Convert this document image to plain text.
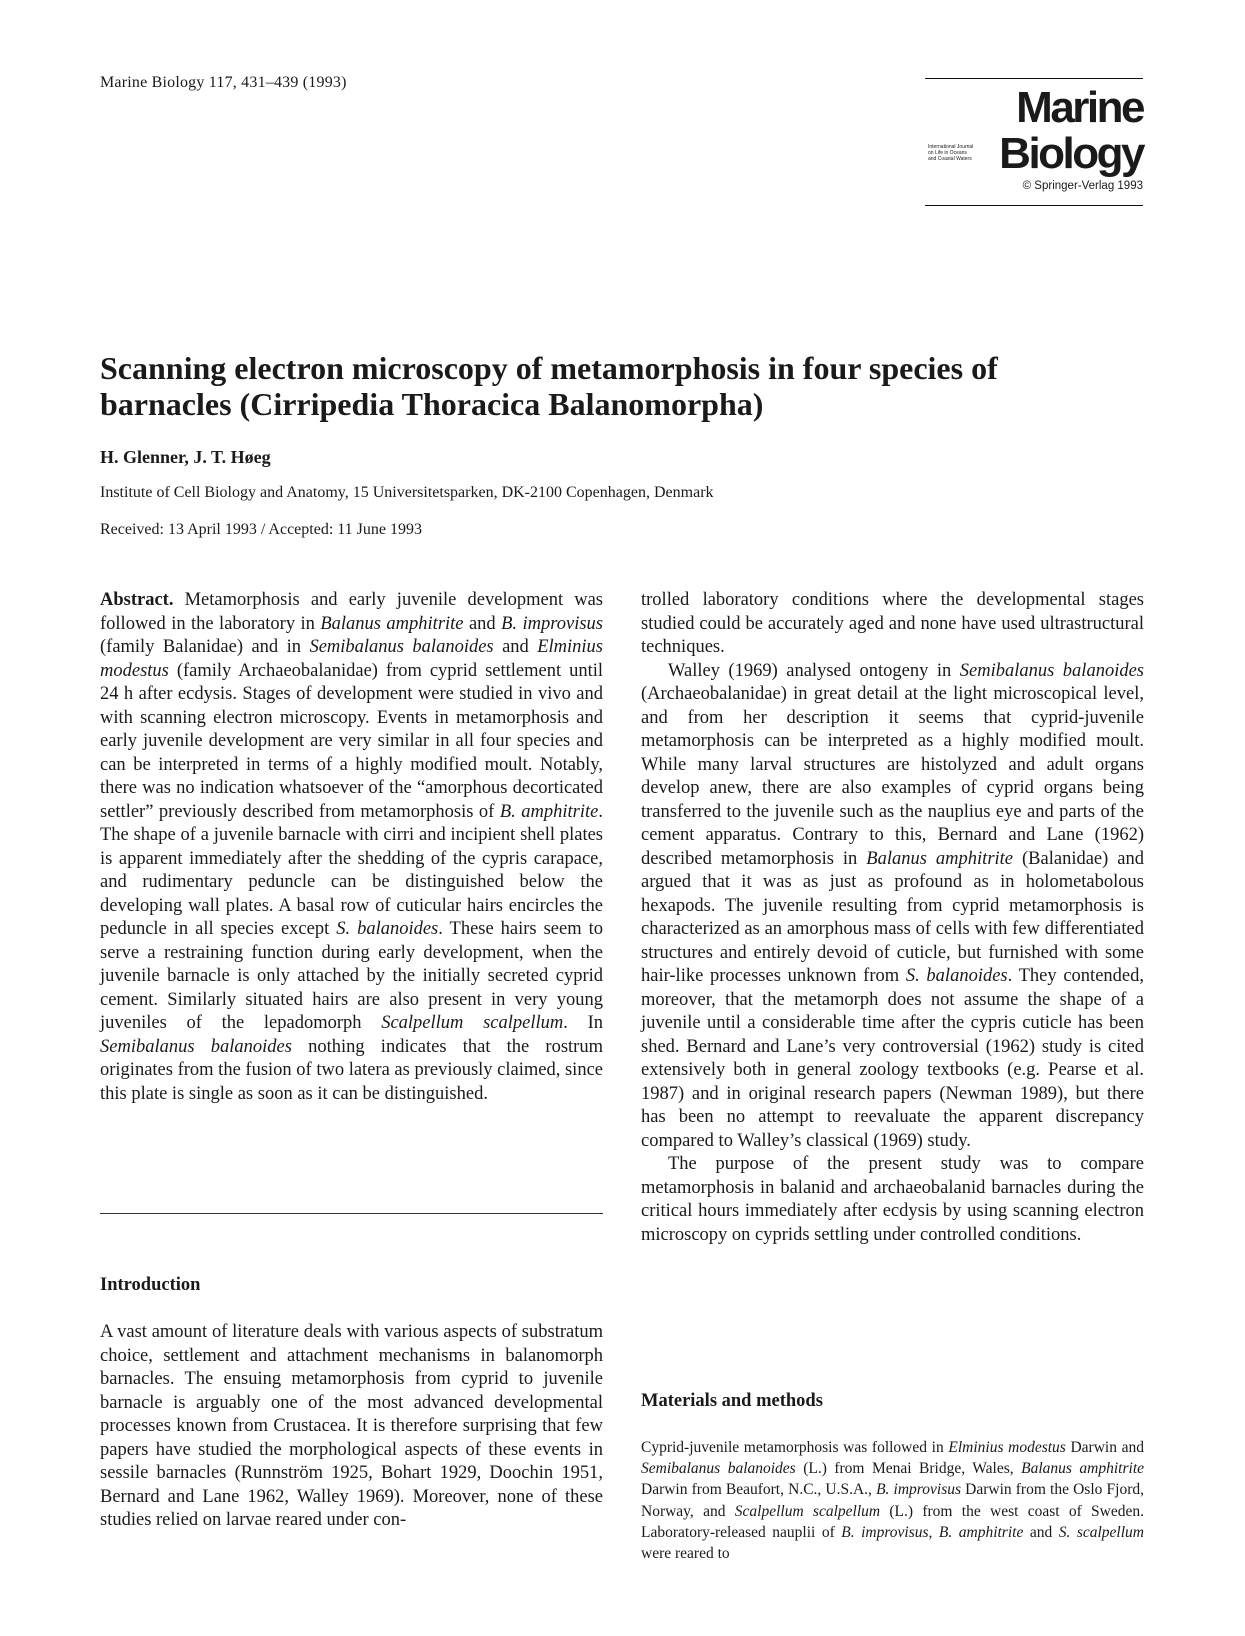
Marine Biology 117, 431–439 (1993)
Marine
International Journal
on Life in Oceans
and Coastal Waters Biology
© Springer-Verlag 1993
Scanning electron microscopy of metamorphosis in four species of barnacles (Cirripedia Thoracica Balanomorpha)
H. Glenner, J. T. Høeg
Institute of Cell Biology and Anatomy, 15 Universitetsparken, DK-2100 Copenhagen, Denmark
Received: 13 April 1993 / Accepted: 11 June 1993

Abstract. Metamorphosis and early juvenile development was followed in the laboratory in Balanus amphitrite and B. improvisus (family Balanidae) and in Semibalanus balanoides and Elminius modestus (family Archaeobalanidae) from cyprid settlement until 24 h after ecdysis. Stages of development were studied in vivo and with scanning electron microscopy. Events in metamorphosis and early juvenile development are very similar in all four species and can be interpreted in terms of a highly modified moult. Notably, there was no indication whatsoever of the “amorphous decorticated settler” previously described from metamorphosis of B. amphitrite. The shape of a juvenile barnacle with cirri and incipient shell plates is apparent immediately after the shedding of the cypris carapace, and rudimentary peduncle can be distinguished below the developing wall plates. A basal row of cuticular hairs encircles the peduncle in all species except S. balanoides. These hairs seem to serve a restraining function during early development, when the juvenile barnacle is only attached by the initially secreted cyprid cement. Similarly situated hairs are also present in very young juveniles of the lepadomorph Scalpellum scalpellum. In Semibalanus balanoides nothing indicates that the rostrum originates from the fusion of two latera as previously claimed, since this plate is single as soon as it can be distinguished.

Introduction

A vast amount of literature deals with various aspects of substratum choice, settlement and attachment mechanisms in balanomorph barnacles. The ensuing metamorphosis from cyprid to juvenile barnacle is arguably one of the most advanced developmental processes known from Crustacea. It is therefore surprising that few papers have studied the morphological aspects of these events in sessile barnacles (Runnström 1925, Bohart 1929, Doochin 1951, Bernard and Lane 1962, Walley 1969). Moreover, none of these studies relied on larvae reared under con-

trolled laboratory conditions where the developmental stages studied could be accurately aged and none have used ultrastructural techniques.

Walley (1969) analysed ontogeny in Semibalanus balanoides (Archaeobalanidae) in great detail at the light microscopical level, and from her description it seems that cyprid-juvenile metamorphosis can be interpreted as a highly modified moult. While many larval structures are histolyzed and adult organs develop anew, there are also examples of cyprid organs being transferred to the juvenile such as the nauplius eye and parts of the cement apparatus. Contrary to this, Bernard and Lane (1962) described metamorphosis in Balanus amphitrite (Balanidae) and argued that it was as just as profound as in holometabolous hexapods. The juvenile resulting from cyprid metamorphosis is characterized as an amorphous mass of cells with few differentiated structures and entirely devoid of cuticle, but furnished with some hair-like processes unknown from S. balanoides. They contended, moreover, that the metamorph does not assume the shape of a juvenile until a considerable time after the cypris cuticle has been shed. Bernard and Lane’s very controversial (1962) study is cited extensively both in general zoology textbooks (e.g. Pearse et al. 1987) and in original research papers (Newman 1989), but there has been no attempt to reevaluate the apparent discrepancy compared to Walley’s classical (1969) study.

The purpose of the present study was to compare metamorphosis in balanid and archaeobalanid barnacles during the critical hours immediately after ecdysis by using scanning electron microscopy on cyprids settling under controlled conditions.

Materials and methods

Cyprid-juvenile metamorphosis was followed in Elminius modestus Darwin and Semibalanus balanoides (L.) from Menai Bridge, Wales, Balanus amphitrite Darwin from Beaufort, N.C., U.S.A., B. improvisus Darwin from the Oslo Fjord, Norway, and Scalpellum scalpellum (L.) from the west coast of Sweden. Laboratory-released nauplii of B. improvisus, B. amphitrite and S. scalpellum were reared to
